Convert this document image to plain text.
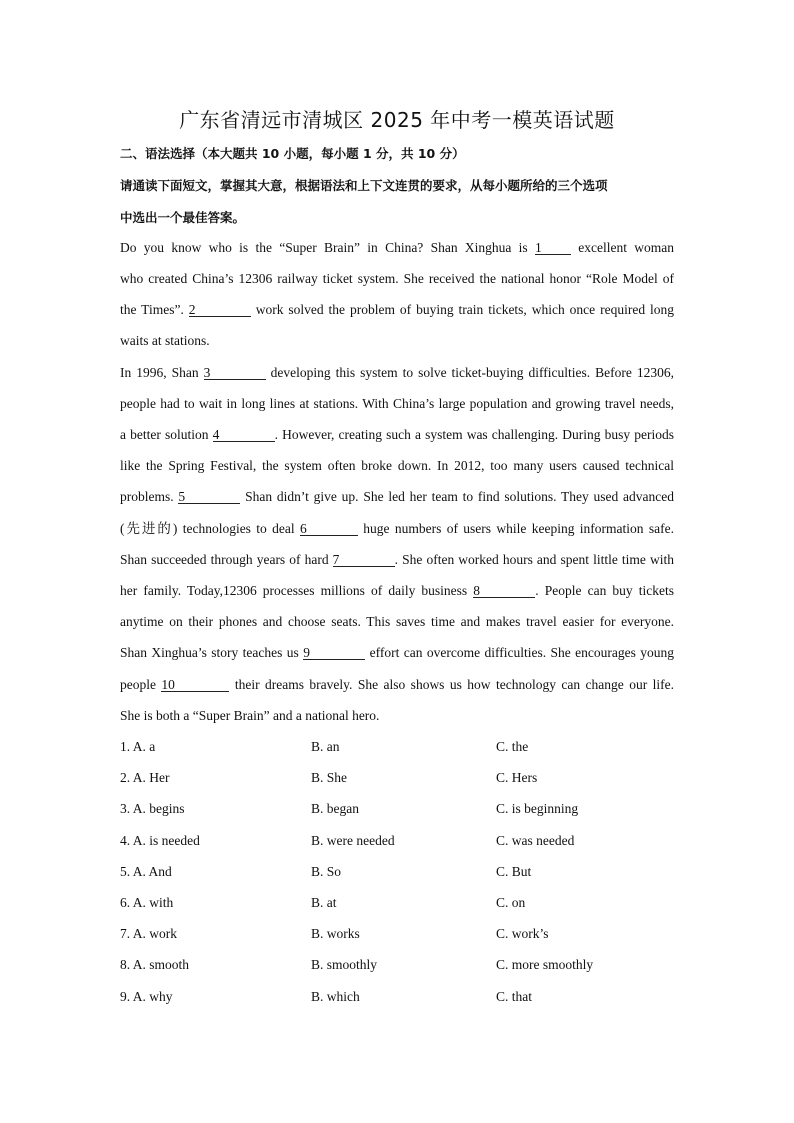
广东省清远市清城区 2025 年中考一模英语试题
二、语法选择（本大题共 10 小题，每小题 1 分，共 10 分）
请通读下面短文，掌握其大意，根据语法和上下文连贯的要求，从每小题所给的三个选项
中选出一个最佳答案。
Do you know who is the “Super Brain” in China? Shan Xinghua is 1 excellent woman
who created China’s 12306 railway ticket system. She received the national honor “Role Model of
the Times”. 2	work solved the problem of buying train tickets, which once required long
waits at stations.
In 1996, Shan 3	developing this system to solve ticket-buying difficulties. Before 12306,
people had to wait in long lines at stations. With China’s large population and growing travel needs,
a better solution 4	. However, creating such a system was challenging. During busy periods
like the Spring Festival, the system often broke down. In 2012, too many users caused technical
problems. 5	Shan didn’t give up. She led her team to find solutions. They used advanced
(先进的) technologies to deal 6	huge numbers of users while keeping information safe.
Shan succeeded through years of hard 7	. She often worked hours and spent little time with
her family. Today,12306 processes millions of daily business 8	. People can buy tickets
anytime on their phones and choose seats. This saves time and makes travel easier for everyone.
Shan Xinghua’s story teaches us 9	effort can overcome difficulties. She encourages young
people 10	their dreams bravely. She also shows us how technology can change our life.
She is both a “Super Brain” and a national hero.
1. A. a	B. an	C. the
2. A. Her	B. She	C. Hers
3. A. begins	B. began	C. is beginning
4. A. is needed	B. were needed	C. was needed
5. A. And	B. So	C. But
6. A. with	B. at	C. on
7. A. work	B. works	C. work’s
8. A. smooth	B. smoothly	C. more smoothly
9. A. why	B. which	C. that
